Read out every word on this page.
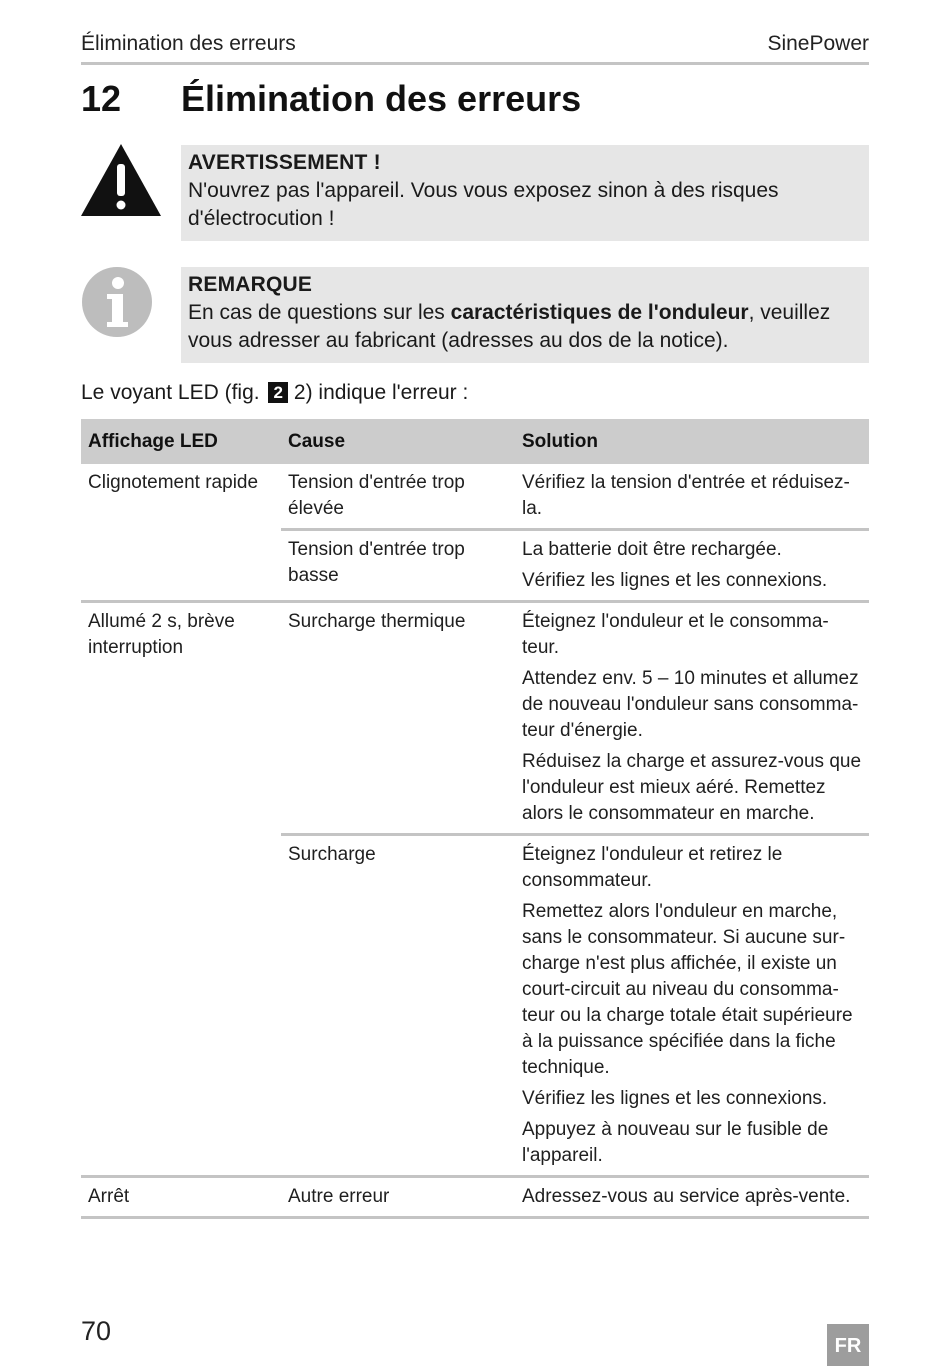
Élimination des erreurs	SinePower
12 Élimination des erreurs
AVERTISSEMENT !
N'ouvrez pas l'appareil. Vous vous exposez sinon à des risques
d'électrocution !
REMARQUE
En cas de questions sur les caractéristiques de l'onduleur, veuillez
vous adresser au fabricant (adresses au dos de la notice).
Le voyant LED (fig. 2 2) indique l'erreur :
Affichage LED	Cause	Solution
Clignotement rapide	Tension d'entrée trop élevée	Vérifiez la tension d'entrée et réduisez-la.

	Tension d'entrée trop basse	La batterie doit être rechargée.

Vérifiez les lignes et les connexions.

Allumé 2 s, brève interruption	Surcharge thermique	Éteignez l'onduleur et le consomma-teur.

Attendez env. 5 – 10 minutes et allumez de nouveau l'onduleur sans consomma-teur d'énergie.

Réduisez la charge et assurez-vous que l'onduleur est mieux aéré. Remettez alors le consommateur en marche.

	Surcharge	Éteignez l'onduleur et retirez le consommateur.

Remettez alors l'onduleur en marche, sans le consommateur. Si aucune sur-charge n'est plus affichée, il existe un court-circuit au niveau du consomma-teur ou la charge totale était supérieure à la puissance spécifiée dans la fiche technique.

Vérifiez les lignes et les connexions.

Appuyez à nouveau sur le fusible de l'appareil.

Arrêt	Autre erreur	Adressez-vous au service après-vente.

70	FR
